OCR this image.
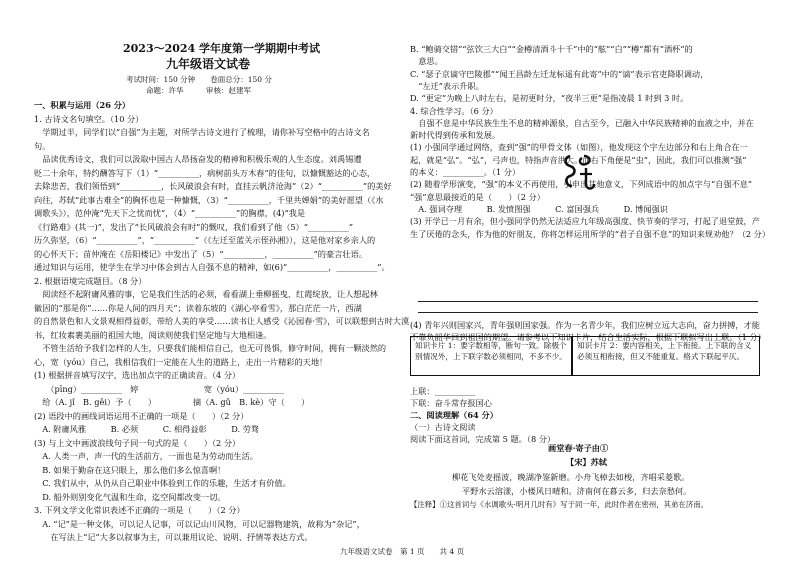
2023～2024 学年度第一学期期中考试
九年级语文试卷
考试时间：150 分钟　　卷面总分：150 分
命题：许华　　　审核：赵建军
一、积累与运用（26 分）
1. 古诗文名句填空。（10 分）
　学期过半，同学们以“自强”为主题，对所学古诗文进行了梳理，请你补写空格中的古诗文名
句。
　品读优秀诗文，我们可以汲取中国古人昂扬奋发的精神和积极乐观的人生态度。刘禹锡遭
贬二十余年，特约酬答写下（1）“__________，病树前头万木春”的佳句，以慷慨豁达的心态，
去除悲苦，我们领悟到“__________，长风破浪会有时，直挂云帆济沧海”（2）“__________”的美好
向往，苏轼“此事古难全”的胸怀也是一种慷慨，（3）“__________，千里共婵娟”的美好愿望（《水
调歌头》），范仲淹“先天下之忧而忧”，（4）“__________”的胸襟，(4)“我是
《行路难》(其一)”，发出了“长风破浪会有时”的慨叹，我们看到了他（5）“__________”
历久弥坚，（6）“__________”，“__________”（《左迁至蓝关示侄孙湘》），这是他对家乡亲人的
的心怀天下；苗仲淹在《岳阳楼记》中发出了（5）“__________，__________”的豪言壮语。
通过知识与运用，使学生在学习中体会到古人自强不息的精神，如(6)“__________，__________”。
2. 根据语境完成题目。（8 分）
　阅读经不起附庸风雅的事，它是我们生活的必须，看看湖上垂柳摇曳、红霞绽放，让人想起林
徽因的“那是你”……你是人间的四月天”；读着东坡的《湖心亭看雪》，那白茫茫一片，西湖
的自然景色和人文景观相得益彰，带给人美的享受……读书让人感受《沁园春·雪》，可以联想到古时大漠
书，红妆素裹美丽的祖国大地，阅读则使我们坚定地与大地相逢。
　不管生活给予我们怎样的人生，只要我们能相信自己，也无可畏惧，修守时间，拥有一颗淡然的
心，宽（yóu）自己，我相信我们一定能在人生的道路上，走出一片精彩的天地！
(1) 根据拼音填写汉字，选出加点字的正确读音。（4 分）
　　（pīng）__________　婷　　　　　　　　宽（yóu）__________
　给（A. jǐ　B. gěi）予（　　）　　　　　摘（A. gǔ　B. kè）守（　　）
(2) 语段中的画线词语运用不正确的一项是（　　）（2 分）
　A. 附庸风雅　　　B. 必须　　　C. 相得益彰　　　D. 劳骛
(3) 与上文中画波浪线句子同一句式的是（　　）（2 分）
　A. 人类一声，声一代的生活前方，一面也是为劳动而生活。
　B. 如果于勤奋在这只眼上，那么他们多么惊喜啊！
　C. 我们从中，从仍从自己职业中体验到工作的乐趣，生活才有价值。
　D. 船外则别变化气温和生命，迄空间都改变一切。
3. 下列文学文化常识表述不正确的一项是（　　）（2 分）
　A. “记”是一种文体，可以记人记事，可以记山川风物，可以记器物建筑，故称为“杂记”，
　　在写法上“记”大多以叙事为主，可以兼用议论、说明、抒情等表达方式。
B. “鲍骑交错”“弦饮三大白”“金樽清酒斗十千”中的“舷”“白”“樽”都有“酒杯”的
　意思。
C. “瑟子京谪守巴陵郡”“闻王昌龄左迁龙标遥有此寄”中的“谪”表示官吏降职调动，
　“左迁”表示升职。
D. “更定”为晚上八时左右，是初更时分，“夜半三更”是指凌晨 1 时到 3 时。
4. 综合性学习。（6 分）
　自强不息是中华民族生生不息的精神源泉，自古至今，已融入中华民族精神的血液之中，并在
新时代得到传承和发展。
(1) 小强同学通过网络，查到“强”的甲骨文体（如图），他发现这个字左边部分和右上角合在一
起，就是“弘”。“弘”，弓声也，特指声音洪大。而右下角便是“虫”，因此，我们可以推测“强”
的本义：__________。（1 分）
(2) 随着学形演变，“强”的本义不再使用，引申出其他意义，下列成语中的加点字与“自强不息”
“强”意思最接近的是（　　）（2 分）
　A. 强词夺理　　　B. 发愤图强　　　C. 富国强兵　　　D. 博闻强识
(3) 开学已一月有余，但小强同学仍然无法适应九年级高强度、快节奏的学习，打起了退堂鼓，产
生了厌倦的念头，作为他的好朋友，你将怎样运用所学的“君子自强不息”的知识来规劝他？（2 分）
(4) 青年兴则国家兴，青年强则国家强。作为一名青少年，我们应树立远大志向，奋力拼搏，才能
不靠负韶华回到祖国的期望。请参考以下知识卡片，结合生活实际，根据下联拟写出上联。（1 分）
上联：__________
下联：奋斗常存报国心
二、阅读理解（64 分）
（一）古诗文阅读
阅读下面这首词，完成第 5 题。（8 分）
知识卡片 1：要字数相等，断句一致。除极个别情况外，上下联字数必须相同，不多不少。
知识卡片 2：要内容相关，上下衔接。上下联的含义必须互相衔接，但又不能重复。格式下联起平仄。
画堂春·寄子由①
【宋】苏轼
柳花飞处麦摇波，晚湖净鉴新磨。小舟飞棹去如梭，齐唱采菱歌。
平野水云溶漾，小楼风日晴和。济南何在暮云多，归去奈愁何。
【注释】①这首词与《水调歌头·明月几时有》写于同一年，此时作者在密州，其弟在济南。
九年级语文试卷　第 1 页　　共 4 页
